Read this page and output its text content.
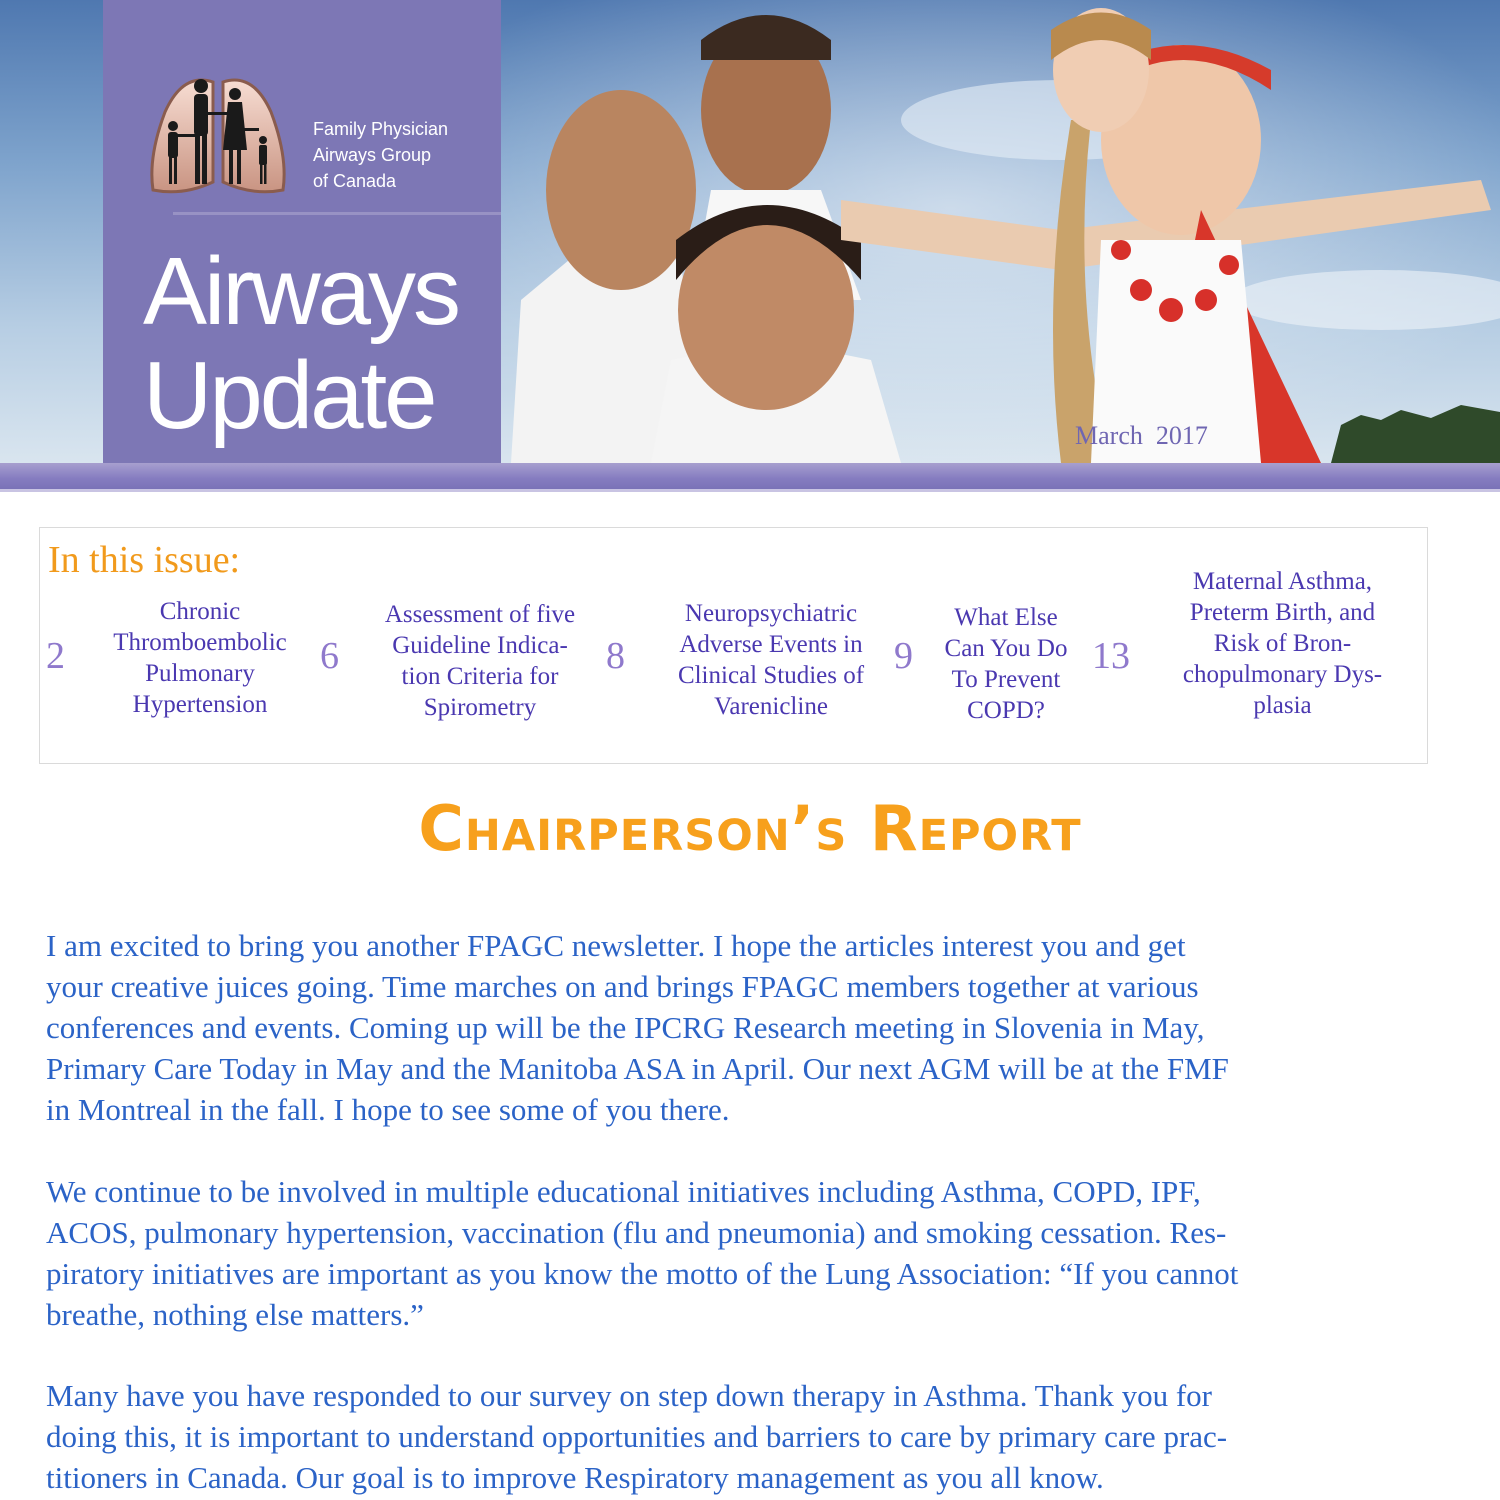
Family Physician
Airways Group
of Canada
Airways
Update	March  2017
In this issue:
2
Chronic
Thromboembolic
Pulmonary
Hypertension
6
Assessment of five
Guideline Indica-
tion Criteria for
Spirometry
8
Neuropsychiatric
Adverse Events in
Clinical Studies of
Varenicline
9
What Else
Can You Do
To Prevent
COPD?
13
Maternal Asthma,
Preterm Birth, and
Risk of Bron-
chopulmonary Dys-
plasia
Chairperson’s Report
I am excited to bring you another FPAGC newsletter. I hope the articles interest you and get
your creative juices going. Time marches on and brings FPAGC members together at various
conferences and events. Coming up will be the IPCRG Research meeting in Slovenia in May,
Primary Care Today in May and the Manitoba ASA in April. Our next AGM will be at the FMF
in Montreal in the fall. I hope to see some of you there.
We continue to be involved in multiple educational initiatives including Asthma, COPD, IPF,
ACOS, pulmonary hypertension, vaccination (flu and pneumonia) and smoking cessation. Res-
piratory initiatives are important as you know the motto of the Lung Association: “If you cannot
breathe, nothing else matters.”
Many have you have responded to our survey on step down therapy in Asthma. Thank you for
doing this, it is important to understand opportunities and barriers to care by primary care prac-
titioners in Canada. Our goal is to improve Respiratory management as you all know.
